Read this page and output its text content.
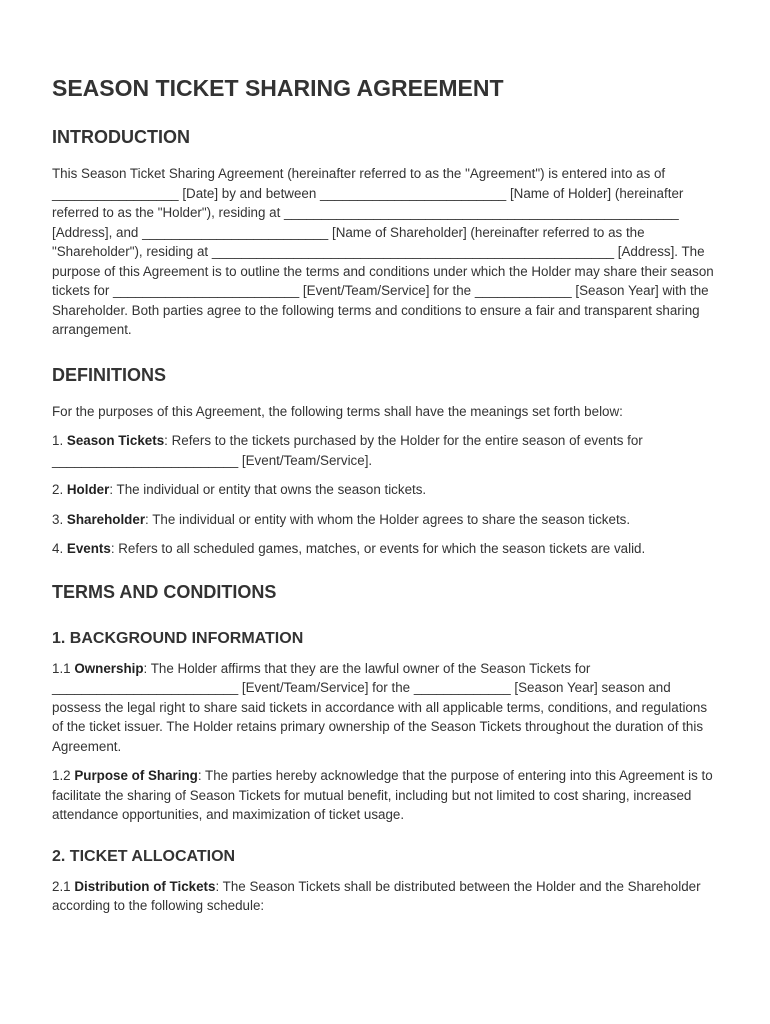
SEASON TICKET SHARING AGREEMENT
INTRODUCTION

This Season Ticket Sharing Agreement (hereinafter referred to as the "Agreement") is entered into as of _________________ [Date] by and between _________________________ [Name of Holder] (hereinafter referred to as the "Holder"), residing at _____________________________________________________ [Address], and _________________________ [Name of Shareholder] (hereinafter referred to as the "Shareholder"), residing at ______________________________________________________ [Address]. The purpose of this Agreement is to outline the terms and conditions under which the Holder may share their season tickets for _________________________ [Event/Team/Service] for the _____________ [Season Year] with the Shareholder. Both parties agree to the following terms and conditions to ensure a fair and transparent sharing arrangement.

DEFINITIONS

For the purposes of this Agreement, the following terms shall have the meanings set forth below:

1. Season Tickets: Refers to the tickets purchased by the Holder for the entire season of events for _________________________ [Event/Team/Service].

2. Holder: The individual or entity that owns the season tickets.

3. Shareholder: The individual or entity with whom the Holder agrees to share the season tickets.

4. Events: Refers to all scheduled games, matches, or events for which the season tickets are valid.

TERMS AND CONDITIONS
1. BACKGROUND INFORMATION

1.1 Ownership: The Holder affirms that they are the lawful owner of the Season Tickets for _________________________ [Event/Team/Service] for the _____________ [Season Year] season and possess the legal right to share said tickets in accordance with all applicable terms, conditions, and regulations of the ticket issuer. The Holder retains primary ownership of the Season Tickets throughout the duration of this Agreement.

1.2 Purpose of Sharing: The parties hereby acknowledge that the purpose of entering into this Agreement is to facilitate the sharing of Season Tickets for mutual benefit, including but not limited to cost sharing, increased attendance opportunities, and maximization of ticket usage.

2. TICKET ALLOCATION

2.1 Distribution of Tickets: The Season Tickets shall be distributed between the Holder and the Shareholder according to the following schedule:
